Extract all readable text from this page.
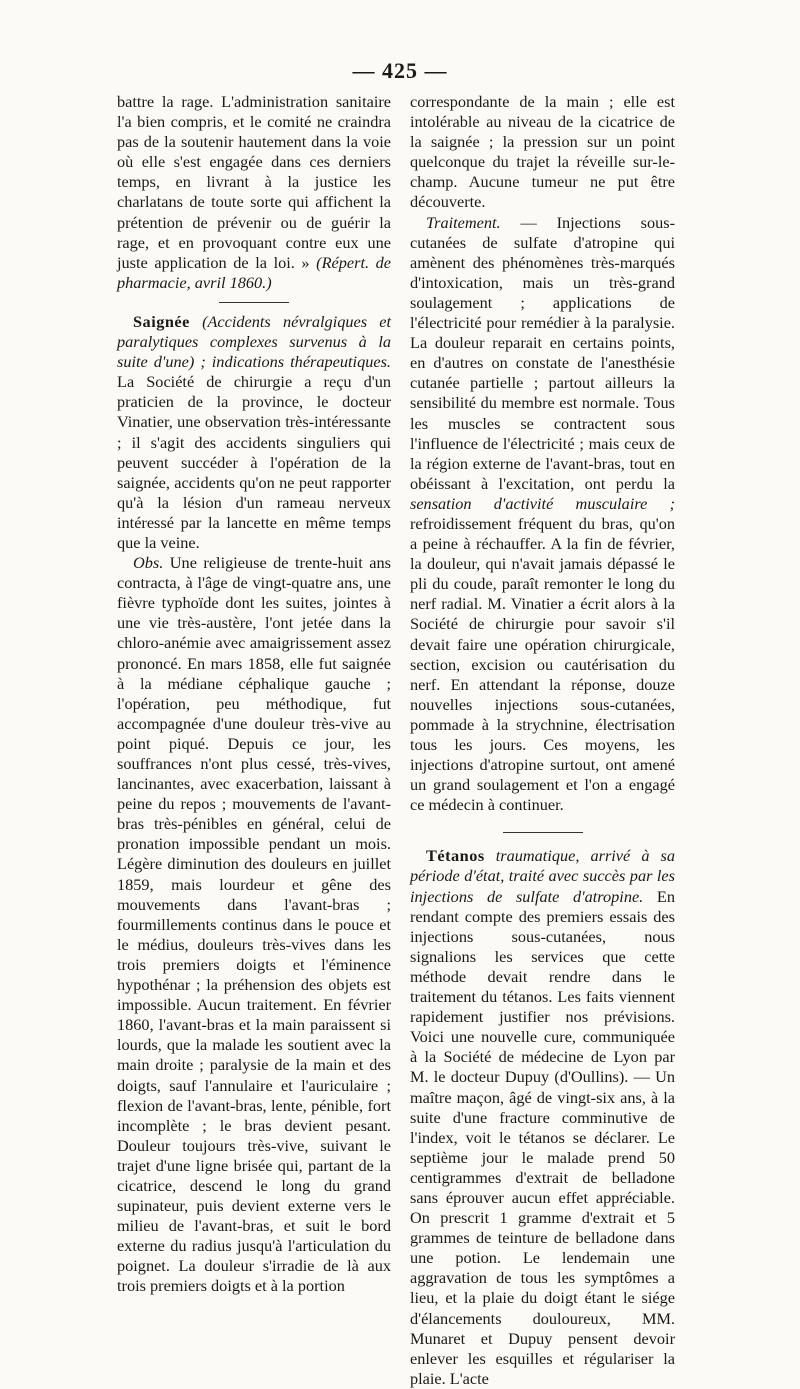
— 425 —

battre la rage. L'administration sanitaire l'a bien compris, et le comité ne craindra pas de la soutenir hautement dans la voie où elle s'est engagée dans ces derniers temps, en livrant à la justice les charlatans de toute sorte qui affichent la prétention de prévenir ou de guérir la rage, et en provoquant contre eux une juste application de la loi. » (Répert. de pharmacie, avril 1860.)

Saignée (Accidents névralgiques et paralytiques complexes survenus à la suite d'une) ; indications thérapeutiques. La Société de chirurgie a reçu d'un praticien de la province, le docteur Vinatier, une observation très-intéressante ; il s'agit des accidents singuliers qui peuvent succéder à l'opération de la saignée, accidents qu'on ne peut rapporter qu'à la lésion d'un rameau nerveux intéressé par la lancette en même temps que la veine.

Obs. Une religieuse de trente-huit ans contracta, à l'âge de vingt-quatre ans, une fièvre typhoïde dont les suites, jointes à une vie très-austère, l'ont jetée dans la chloro-anémie avec amaigrissement assez prononcé. En mars 1858, elle fut saignée à la médiane céphalique gauche ; l'opération, peu méthodique, fut accompagnée d'une douleur très-vive au point piqué. Depuis ce jour, les souffrances n'ont plus cessé, très-vives, lancinantes, avec exacerbation, laissant à peine du repos ; mouvements de l'avant-bras très-pénibles en général, celui de pronation impossible pendant un mois. Légère diminution des douleurs en juillet 1859, mais lourdeur et gêne des mouvements dans l'avant-bras ; fourmillements continus dans le pouce et le médius, douleurs très-vives dans les trois premiers doigts et l'éminence hypothénar ; la préhension des objets est impossible. Aucun traitement. En février 1860, l'avant-bras et la main paraissent si lourds, que la malade les soutient avec la main droite ; paralysie de la main et des doigts, sauf l'annulaire et l'auriculaire ; flexion de l'avant-bras, lente, pénible, fort incomplète ; le bras devient pesant. Douleur toujours très-vive, suivant le trajet d'une ligne brisée qui, partant de la cicatrice, descend le long du grand supinateur, puis devient externe vers le milieu de l'avant-bras, et suit le bord externe du radius jusqu'à l'articulation du poignet. La douleur s'irradie de là aux trois premiers doigts et à la portion

correspondante de la main ; elle est intolérable au niveau de la cicatrice de la saignée ; la pression sur un point quelconque du trajet la réveille sur-le-champ. Aucune tumeur ne put être découverte.

Traitement. — Injections sous-cutanées de sulfate d'atropine qui amènent des phénomènes très-marqués d'intoxication, mais un très-grand soulagement ; applications de l'électricité pour remédier à la paralysie. La douleur reparait en certains points, en d'autres on constate de l'anesthésie cutanée partielle ; partout ailleurs la sensibilité du membre est normale. Tous les muscles se contractent sous l'influence de l'électricité ; mais ceux de la région externe de l'avant-bras, tout en obéissant à l'excitation, ont perdu la sensation d'activité musculaire ; refroidissement fréquent du bras, qu'on a peine à réchauffer. A la fin de février, la douleur, qui n'avait jamais dépassé le pli du coude, paraît remonter le long du nerf radial. M. Vinatier a écrit alors à la Société de chirurgie pour savoir s'il devait faire une opération chirurgicale, section, excision ou cautérisation du nerf. En attendant la réponse, douze nouvelles injections sous-cutanées, pommade à la strychnine, électrisation tous les jours. Ces moyens, les injections d'atropine surtout, ont amené un grand soulagement et l'on a engagé ce médecin à continuer.

Tétanos traumatique, arrivé à sa période d'état, traité avec succès par les injections de sulfate d'atropine. En rendant compte des premiers essais des injections sous-cutanées, nous signalions les services que cette méthode devait rendre dans le traitement du tétanos. Les faits viennent rapidement justifier nos prévisions. Voici une nouvelle cure, communiquée à la Société de médecine de Lyon par M. le docteur Dupuy (d'Oullins). — Un maître maçon, âgé de vingt-six ans, à la suite d'une fracture comminutive de l'index, voit le tétanos se déclarer. Le septième jour le malade prend 50 centigrammes d'extrait de belladone sans éprouver aucun effet appréciable. On prescrit 1 gramme d'extrait et 5 grammes de teinture de belladone dans une potion. Le lendemain une aggravation de tous les symptômes a lieu, et la plaie du doigt étant le siége d'élancements douloureux, MM. Munaret et Dupuy pensent devoir enlever les esquilles et régulariser la plaie. L'acte
